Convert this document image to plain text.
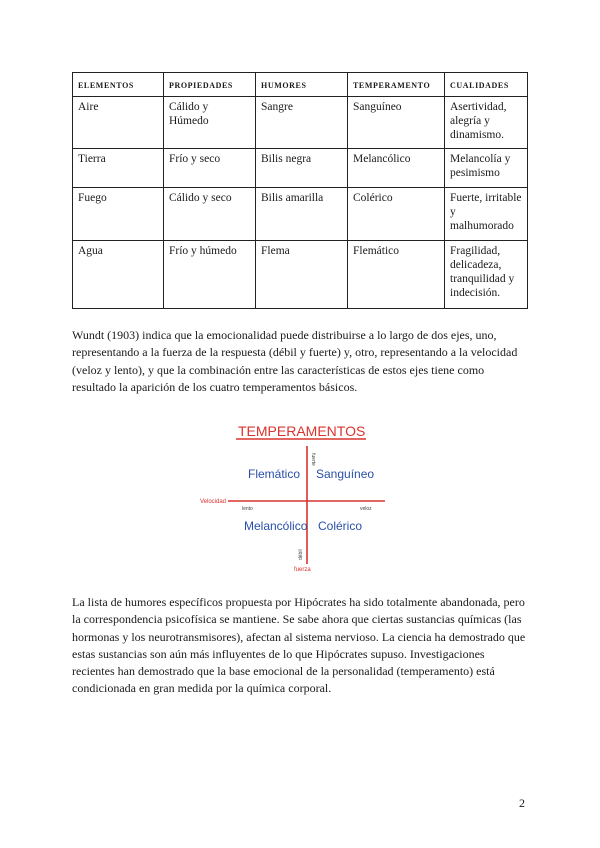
ELEMENTOS	PROPIEDADES	HUMORES	TEMPERAMENTO	CUALIDADES
Aire	Cálido y Húmedo	Sangre	Sanguíneo	Asertividad, alegría y dinamismo.
Tierra	Frío y seco	Bilis negra	Melancólico	Melancolía y pesimismo
Fuego	Cálido y seco	Bilis amarilla	Colérico	Fuerte, irritable y malhumorado
Agua	Frío y húmedo	Flema	Flemático	Fragilidad, delicadeza, tranquilidad y indecisión.

Wundt (1903) indica que la emocionalidad puede distribuirse a lo largo de dos ejes, uno, representando a la fuerza de la respuesta (débil y fuerte) y, otro, representando a la velocidad (veloz y lento), y que la combinación entre las características de estos ejes tiene como resultado la aparición de los cuatro temperamentos básicos.

TEMPERAMENTOS
Flemático Sanguíneo
Melancólico Colérico
Velocidad
lento	veloz
fuerza
fuerte
débil

La lista de humores específicos propuesta por Hipócrates ha sido totalmente abandonada, pero la correspondencia psicofísica se mantiene. Se sabe ahora que ciertas sustancias químicas (las hormonas y los neurotransmisores), afectan al sistema nervioso. La ciencia ha demostrado que estas sustancias son aún más influyentes de lo que Hipócrates supuso. Investigaciones recientes han demostrado que la base emocional de la personalidad (temperamento) está condicionada en gran medida por la química corporal.

2
